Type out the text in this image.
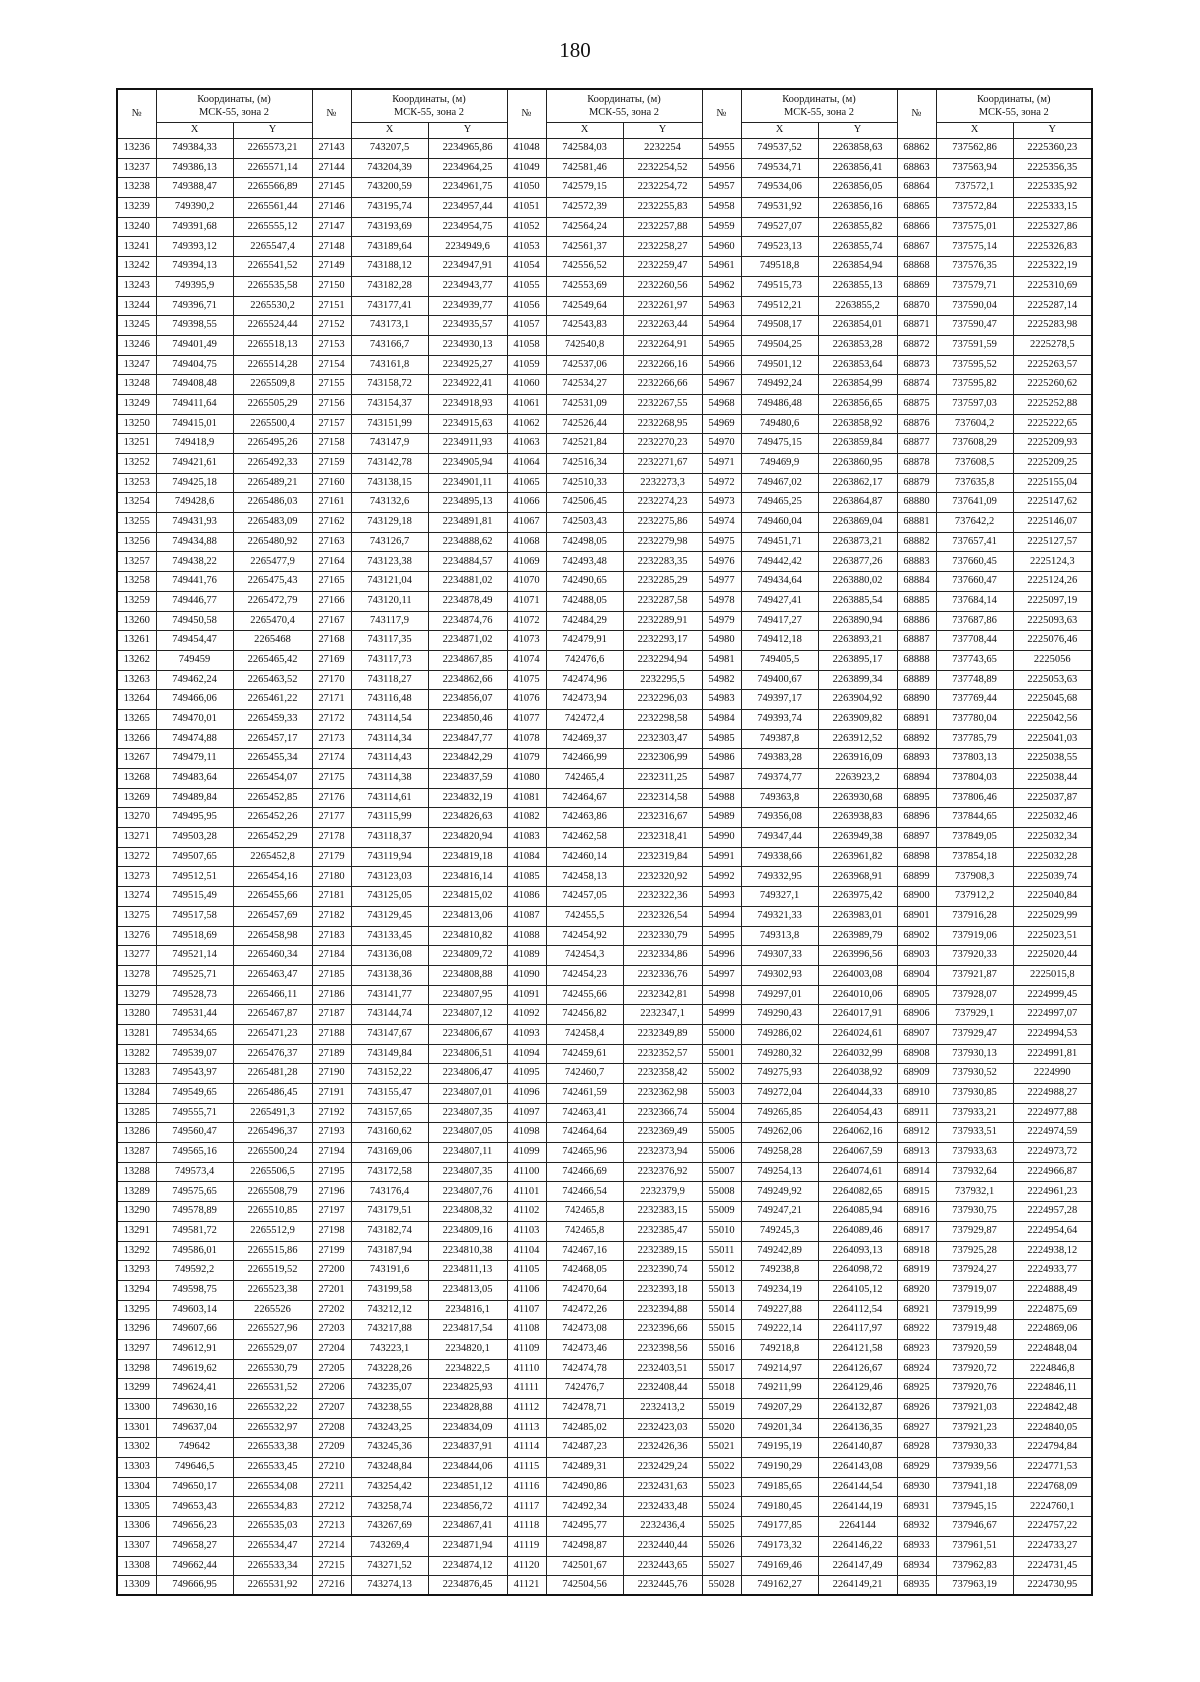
180
№	Координаты, (м)
МСК-55, зона 2		№	Координаты, (м)
МСК-55, зона 2		№	Координаты, (м)
МСК-55, зона 2		№	Координаты, (м)
МСК-55, зона 2		№	Координаты, (м)
МСК-55, зона 2	

	X	Y		X	Y		X	Y		X	Y		X	Y
13236	749384,33	2265573,21	27143	743207,5	2234965,86	41048	742584,03	2232254	54955	749537,52	2263858,63	68862	737562,86	2225360,23
13237	749386,13	2265571,14	27144	743204,39	2234964,25	41049	742581,46	2232254,52	54956	749534,71	2263856,41	68863	737563,94	2225356,35
13238	749388,47	2265566,89	27145	743200,59	2234961,75	41050	742579,15	2232254,72	54957	749534,06	2263856,05	68864	737572,1	2225335,92
13239	749390,2	2265561,44	27146	743195,74	2234957,44	41051	742572,39	2232255,83	54958	749531,92	2263856,16	68865	737572,84	2225333,15
13240	749391,68	2265555,12	27147	743193,69	2234954,75	41052	742564,24	2232257,88	54959	749527,07	2263855,82	68866	737575,01	2225327,86
13241	749393,12	2265547,4	27148	743189,64	2234949,6	41053	742561,37	2232258,27	54960	749523,13	2263855,74	68867	737575,14	2225326,83
13242	749394,13	2265541,52	27149	743188,12	2234947,91	41054	742556,52	2232259,47	54961	749518,8	2263854,94	68868	737576,35	2225322,19
13243	749395,9	2265535,58	27150	743182,28	2234943,77	41055	742553,69	2232260,56	54962	749515,73	2263855,13	68869	737579,71	2225310,69
13244	749396,71	2265530,2	27151	743177,41	2234939,77	41056	742549,64	2232261,97	54963	749512,21	2263855,2	68870	737590,04	2225287,14
13245	749398,55	2265524,44	27152	743173,1	2234935,57	41057	742543,83	2232263,44	54964	749508,17	2263854,01	68871	737590,47	2225283,98
13246	749401,49	2265518,13	27153	743166,7	2234930,13	41058	742540,8	2232264,91	54965	749504,25	2263853,28	68872	737591,59	2225278,5
13247	749404,75	2265514,28	27154	743161,8	2234925,27	41059	742537,06	2232266,16	54966	749501,12	2263853,64	68873	737595,52	2225263,57
13248	749408,48	2265509,8	27155	743158,72	2234922,41	41060	742534,27	2232266,66	54967	749492,24	2263854,99	68874	737595,82	2225260,62
13249	749411,64	2265505,29	27156	743154,37	2234918,93	41061	742531,09	2232267,55	54968	749486,48	2263856,65	68875	737597,03	2225252,88
13250	749415,01	2265500,4	27157	743151,99	2234915,63	41062	742526,44	2232268,95	54969	749480,6	2263858,92	68876	737604,2	2225222,65
13251	749418,9	2265495,26	27158	743147,9	2234911,93	41063	742521,84	2232270,23	54970	749475,15	2263859,84	68877	737608,29	2225209,93
13252	749421,61	2265492,33	27159	743142,78	2234905,94	41064	742516,34	2232271,67	54971	749469,9	2263860,95	68878	737608,5	2225209,25
13253	749425,18	2265489,21	27160	743138,15	2234901,11	41065	742510,33	2232273,3	54972	749467,02	2263862,17	68879	737635,8	2225155,04
13254	749428,6	2265486,03	27161	743132,6	2234895,13	41066	742506,45	2232274,23	54973	749465,25	2263864,87	68880	737641,09	2225147,62
13255	749431,93	2265483,09	27162	743129,18	2234891,81	41067	742503,43	2232275,86	54974	749460,04	2263869,04	68881	737642,2	2225146,07
13256	749434,88	2265480,92	27163	743126,7	2234888,62	41068	742498,05	2232279,98	54975	749451,71	2263873,21	68882	737657,41	2225127,57
13257	749438,22	2265477,9	27164	743123,38	2234884,57	41069	742493,48	2232283,35	54976	749442,42	2263877,26	68883	737660,45	2225124,3
13258	749441,76	2265475,43	27165	743121,04	2234881,02	41070	742490,65	2232285,29	54977	749434,64	2263880,02	68884	737660,47	2225124,26
13259	749446,77	2265472,79	27166	743120,11	2234878,49	41071	742488,05	2232287,58	54978	749427,41	2263885,54	68885	737684,14	2225097,19
13260	749450,58	2265470,4	27167	743117,9	2234874,76	41072	742484,29	2232289,91	54979	749417,27	2263890,94	68886	737687,86	2225093,63
13261	749454,47	2265468	27168	743117,35	2234871,02	41073	742479,91	2232293,17	54980	749412,18	2263893,21	68887	737708,44	2225076,46
13262	749459	2265465,42	27169	743117,73	2234867,85	41074	742476,6	2232294,94	54981	749405,5	2263895,17	68888	737743,65	2225056
13263	749462,24	2265463,52	27170	743118,27	2234862,66	41075	742474,96	2232295,5	54982	749400,67	2263899,34	68889	737748,89	2225053,63
13264	749466,06	2265461,22	27171	743116,48	2234856,07	41076	742473,94	2232296,03	54983	749397,17	2263904,92	68890	737769,44	2225045,68
13265	749470,01	2265459,33	27172	743114,54	2234850,46	41077	742472,4	2232298,58	54984	749393,74	2263909,82	68891	737780,04	2225042,56
13266	749474,88	2265457,17	27173	743114,34	2234847,77	41078	742469,37	2232303,47	54985	749387,8	2263912,52	68892	737785,79	2225041,03
13267	749479,11	2265455,34	27174	743114,43	2234842,29	41079	742466,99	2232306,99	54986	749383,28	2263916,09	68893	737803,13	2225038,55
13268	749483,64	2265454,07	27175	743114,38	2234837,59	41080	742465,4	2232311,25	54987	749374,77	2263923,2	68894	737804,03	2225038,44
13269	749489,84	2265452,85	27176	743114,61	2234832,19	41081	742464,67	2232314,58	54988	749363,8	2263930,68	68895	737806,46	2225037,87
13270	749495,95	2265452,26	27177	743115,99	2234826,63	41082	742463,86	2232316,67	54989	749356,08	2263938,83	68896	737844,65	2225032,46
13271	749503,28	2265452,29	27178	743118,37	2234820,94	41083	742462,58	2232318,41	54990	749347,44	2263949,38	68897	737849,05	2225032,34
13272	749507,65	2265452,8	27179	743119,94	2234819,18	41084	742460,14	2232319,84	54991	749338,66	2263961,82	68898	737854,18	2225032,28
13273	749512,51	2265454,16	27180	743123,03	2234816,14	41085	742458,13	2232320,92	54992	749332,95	2263968,91	68899	737908,3	2225039,74
13274	749515,49	2265455,66	27181	743125,05	2234815,02	41086	742457,05	2232322,36	54993	749327,1	2263975,42	68900	737912,2	2225040,84
13275	749517,58	2265457,69	27182	743129,45	2234813,06	41087	742455,5	2232326,54	54994	749321,33	2263983,01	68901	737916,28	2225029,99
13276	749518,69	2265458,98	27183	743133,45	2234810,82	41088	742454,92	2232330,79	54995	749313,8	2263989,79	68902	737919,06	2225023,51
13277	749521,14	2265460,34	27184	743136,08	2234809,72	41089	742454,3	2232334,86	54996	749307,33	2263996,56	68903	737920,33	2225020,44
13278	749525,71	2265463,47	27185	743138,36	2234808,88	41090	742454,23	2232336,76	54997	749302,93	2264003,08	68904	737921,87	2225015,8
13279	749528,73	2265466,11	27186	743141,77	2234807,95	41091	742455,66	2232342,81	54998	749297,01	2264010,06	68905	737928,07	2224999,45
13280	749531,44	2265467,87	27187	743144,74	2234807,12	41092	742456,82	2232347,1	54999	749290,43	2264017,91	68906	737929,1	2224997,07
13281	749534,65	2265471,23	27188	743147,67	2234806,67	41093	742458,4	2232349,89	55000	749286,02	2264024,61	68907	737929,47	2224994,53
13282	749539,07	2265476,37	27189	743149,84	2234806,51	41094	742459,61	2232352,57	55001	749280,32	2264032,99	68908	737930,13	2224991,81
13283	749543,97	2265481,28	27190	743152,22	2234806,47	41095	742460,7	2232358,42	55002	749275,93	2264038,92	68909	737930,52	2224990
13284	749549,65	2265486,45	27191	743155,47	2234807,01	41096	742461,59	2232362,98	55003	749272,04	2264044,33	68910	737930,85	2224988,27
13285	749555,71	2265491,3	27192	743157,65	2234807,35	41097	742463,41	2232366,74	55004	749265,85	2264054,43	68911	737933,21	2224977,88
13286	749560,47	2265496,37	27193	743160,62	2234807,05	41098	742464,64	2232369,49	55005	749262,06	2264062,16	68912	737933,51	2224974,59
13287	749565,16	2265500,24	27194	743169,06	2234807,11	41099	742465,96	2232373,94	55006	749258,28	2264067,59	68913	737933,63	2224973,72
13288	749573,4	2265506,5	27195	743172,58	2234807,35	41100	742466,69	2232376,92	55007	749254,13	2264074,61	68914	737932,64	2224966,87
13289	749575,65	2265508,79	27196	743176,4	2234807,76	41101	742466,54	2232379,9	55008	749249,92	2264082,65	68915	737932,1	2224961,23
13290	749578,89	2265510,85	27197	743179,51	2234808,32	41102	742465,8	2232383,15	55009	749247,21	2264085,94	68916	737930,75	2224957,28
13291	749581,72	2265512,9	27198	743182,74	2234809,16	41103	742465,8	2232385,47	55010	749245,3	2264089,46	68917	737929,87	2224954,64
13292	749586,01	2265515,86	27199	743187,94	2234810,38	41104	742467,16	2232389,15	55011	749242,89	2264093,13	68918	737925,28	2224938,12
13293	749592,2	2265519,52	27200	743191,6	2234811,13	41105	742468,05	2232390,74	55012	749238,8	2264098,72	68919	737924,27	2224933,77
13294	749598,75	2265523,38	27201	743199,58	2234813,05	41106	742470,64	2232393,18	55013	749234,19	2264105,12	68920	737919,07	2224888,49
13295	749603,14	2265526	27202	743212,12	2234816,1	41107	742472,26	2232394,88	55014	749227,88	2264112,54	68921	737919,99	2224875,69
13296	749607,66	2265527,96	27203	743217,88	2234817,54	41108	742473,08	2232396,66	55015	749222,14	2264117,97	68922	737919,48	2224869,06
13297	749612,91	2265529,07	27204	743223,1	2234820,1	41109	742473,46	2232398,56	55016	749218,8	2264121,58	68923	737920,59	2224848,04
13298	749619,62	2265530,79	27205	743228,26	2234822,5	41110	742474,78	2232403,51	55017	749214,97	2264126,67	68924	737920,72	2224846,8
13299	749624,41	2265531,52	27206	743235,07	2234825,93	41111	742476,7	2232408,44	55018	749211,99	2264129,46	68925	737920,76	2224846,11
13300	749630,16	2265532,22	27207	743238,55	2234828,88	41112	742478,71	2232413,2	55019	749207,29	2264132,87	68926	737921,03	2224842,48
13301	749637,04	2265532,97	27208	743243,25	2234834,09	41113	742485,02	2232423,03	55020	749201,34	2264136,35	68927	737921,23	2224840,05
13302	749642	2265533,38	27209	743245,36	2234837,91	41114	742487,23	2232426,36	55021	749195,19	2264140,87	68928	737930,33	2224794,84
13303	749646,5	2265533,45	27210	743248,84	2234844,06	41115	742489,31	2232429,24	55022	749190,29	2264143,08	68929	737939,56	2224771,53
13304	749650,17	2265534,08	27211	743254,42	2234851,12	41116	742490,86	2232431,63	55023	749185,65	2264144,54	68930	737941,18	2224768,09
13305	749653,43	2265534,83	27212	743258,74	2234856,72	41117	742492,34	2232433,48	55024	749180,45	2264144,19	68931	737945,15	2224760,1
13306	749656,23	2265535,03	27213	743267,69	2234867,41	41118	742495,77	2232436,4	55025	749177,85	2264144	68932	737946,67	2224757,22
13307	749658,27	2265534,47	27214	743269,4	2234871,94	41119	742498,87	2232440,44	55026	749173,32	2264146,22	68933	737961,51	2224733,27
13308	749662,44	2265533,34	27215	743271,52	2234874,12	41120	742501,67	2232443,65	55027	749169,46	2264147,49	68934	737962,83	2224731,45
13309	749666,95	2265531,92	27216	743274,13	2234876,45	41121	742504,56	2232445,76	55028	749162,27	2264149,21	68935	737963,19	2224730,95
